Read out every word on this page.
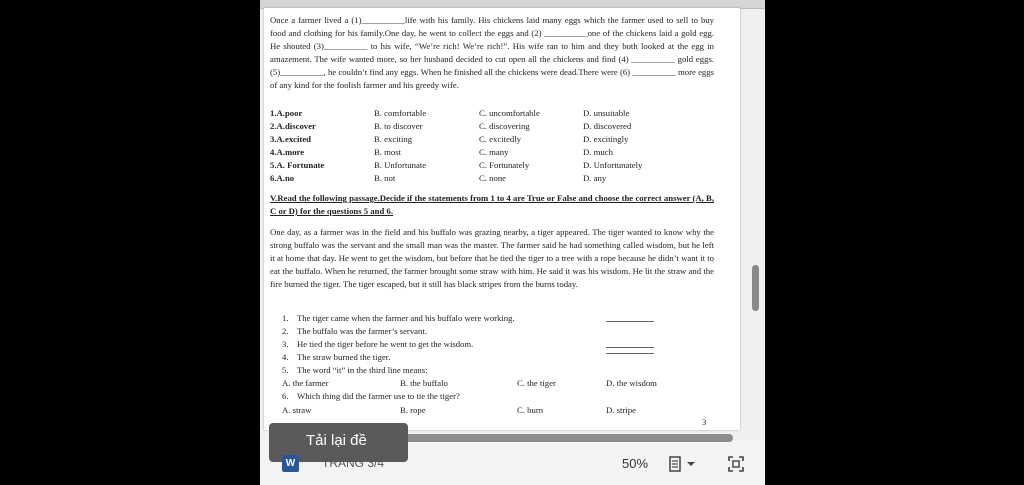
Once a farmer lived a (1)__________life with his family. His chickens laid many eggs which the farmer used to sell to buy food and clothing for his family.One day, he went to collect the eggs and (2) __________one of the chickens laid a gold egg. He shouted (3)__________ to his wife, “We’re rich! We’re rich!”. His wife ran to him and they both looked at the egg in amazement. The wife wanted more, so her husband decided to cut open all the chickens and find (4) __________ gold eggs. (5)__________, he couldn’t find any eggs. When he finished all the chickens were dead.There were (6) __________ more eggs of any kind for the foolish farmer and his greedy wife.

1.A.poor	B. comfortable	C. uncomfortable	D. unsuitable
2.A.discover	B. to discover	C. discovering	D. discovered
3.A.excited	B. exciting	C. excitedly	D. excitingly
4.A.more	B. most	C. many	D. much
5.A. Fortunate	B. Unfortunate	C. Fortunately	D. Unfortunately
6.A.no	B. not	C. none	D. any

V.Read the following passage.Decide if the statements from 1 to 4 are True or False and choose the correct answer (A, B, C or D) for the questions 5 and 6.

One day, as a farmer was in the field and his buffalo was grazing nearby, a tiger appeared. The tiger wanted to know why the strong buffalo was the servant and the small man was the master. The farmer said he had something called wisdom, but he left it at home that day. He went to get the wisdom, but before that he tied the tiger to a tree with a rope because he didn’t want it to eat the buffalo. When he returned, the farmer brought some straw with him. He said it was his wisdom. He lit the straw and the fire burned the tiger. The tiger escaped, but it still has black stripes from the burns today.

1. The tiger came when the farmer and his buffalo were working.
2. The buffalo was the farmer’s servant.
3. He tied the tiger before he went to get the wisdom.
4. The straw burned the tiger.
5. The word “it” in the third line means:
A. the farmer	B. the buffalo	C. the tiger	D. the wisdom
6. Which thing did the farmer use to tie the tiger?
A. straw	B. rope	C. burn	D. stripe
3
Tải lại đề
W	TRANG 3/4	50%
